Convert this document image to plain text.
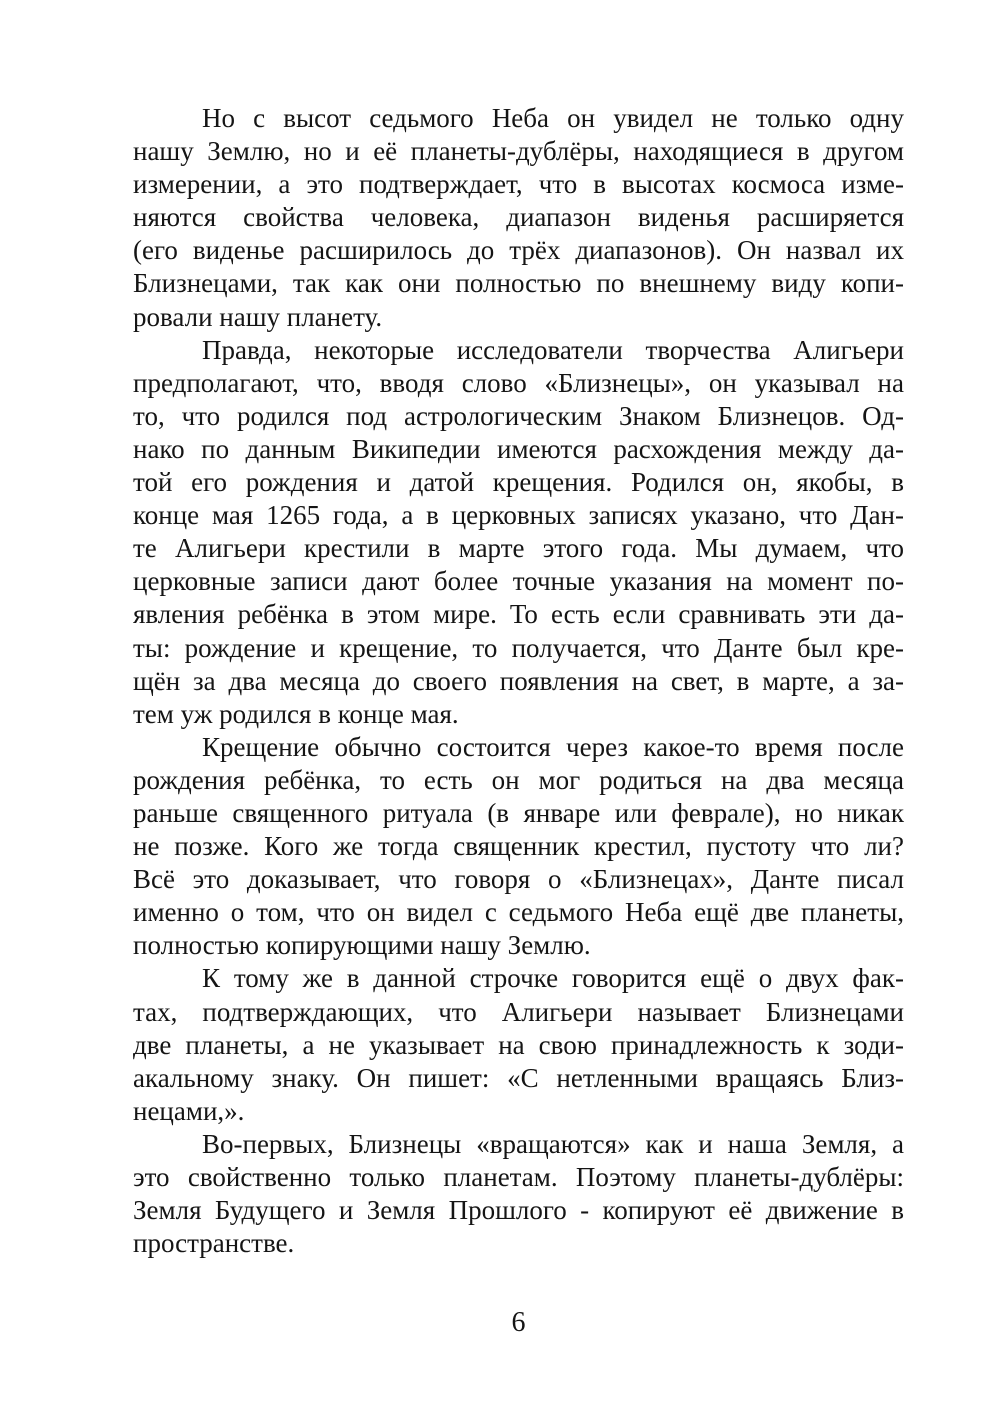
Но с высот седьмого Неба он увидел не только одну
нашу Землю, но и её планеты-дублёры, находящиеся в другом
измерении, а это подтверждает, что в высотах космоса изме-
няются свойства человека, диапазон виденья расширяется
(его виденье расширилось до трёх диапазонов). Он назвал их
Близнецами, так как они полностью по внешнему виду копи-
ровали нашу планету.

Правда, некоторые исследователи творчества Алигьери
предполагают, что, вводя слово «Близнецы», он указывал на
то, что родился под астрологическим Знаком Близнецов. Од-
нако по данным Википедии имеются расхождения между да-
той его рождения и датой крещения. Родился он, якобы, в
конце мая 1265 года, а в церковных записях указано, что Дан-
те Алигьери крестили в марте этого года. Мы думаем, что
церковные записи дают более точные указания на момент по-
явления ребёнка в этом мире. То есть если сравнивать эти да-
ты: рождение и крещение, то получается, что Данте был кре-
щён за два месяца до своего появления на свет, в марте, а за-
тем уж родился в конце мая.

Крещение обычно состоится через какое-то время после
рождения ребёнка, то есть он мог родиться на два месяца
раньше священного ритуала (в январе или феврале), но никак
не позже. Кого же тогда священник крестил, пустоту что ли?
Всё это доказывает, что говоря о «Близнецах», Данте писал
именно о том, что он видел с седьмого Неба ещё две планеты,
полностью копирующими нашу Землю.

К тому же в данной строчке говорится ещё о двух фак-
тах, подтверждающих, что Алигьери называет Близнецами
две планеты, а не указывает на свою принадлежность к зоди-
акальному знаку. Он пишет: «С нетленными вращаясь Близ-
нецами,».

Во-первых, Близнецы «вращаются» как и наша Земля, а
это свойственно только планетам. Поэтому планеты-дублёры:
Земля Будущего и Земля Прошлого - копируют её движение в
пространстве.

6
